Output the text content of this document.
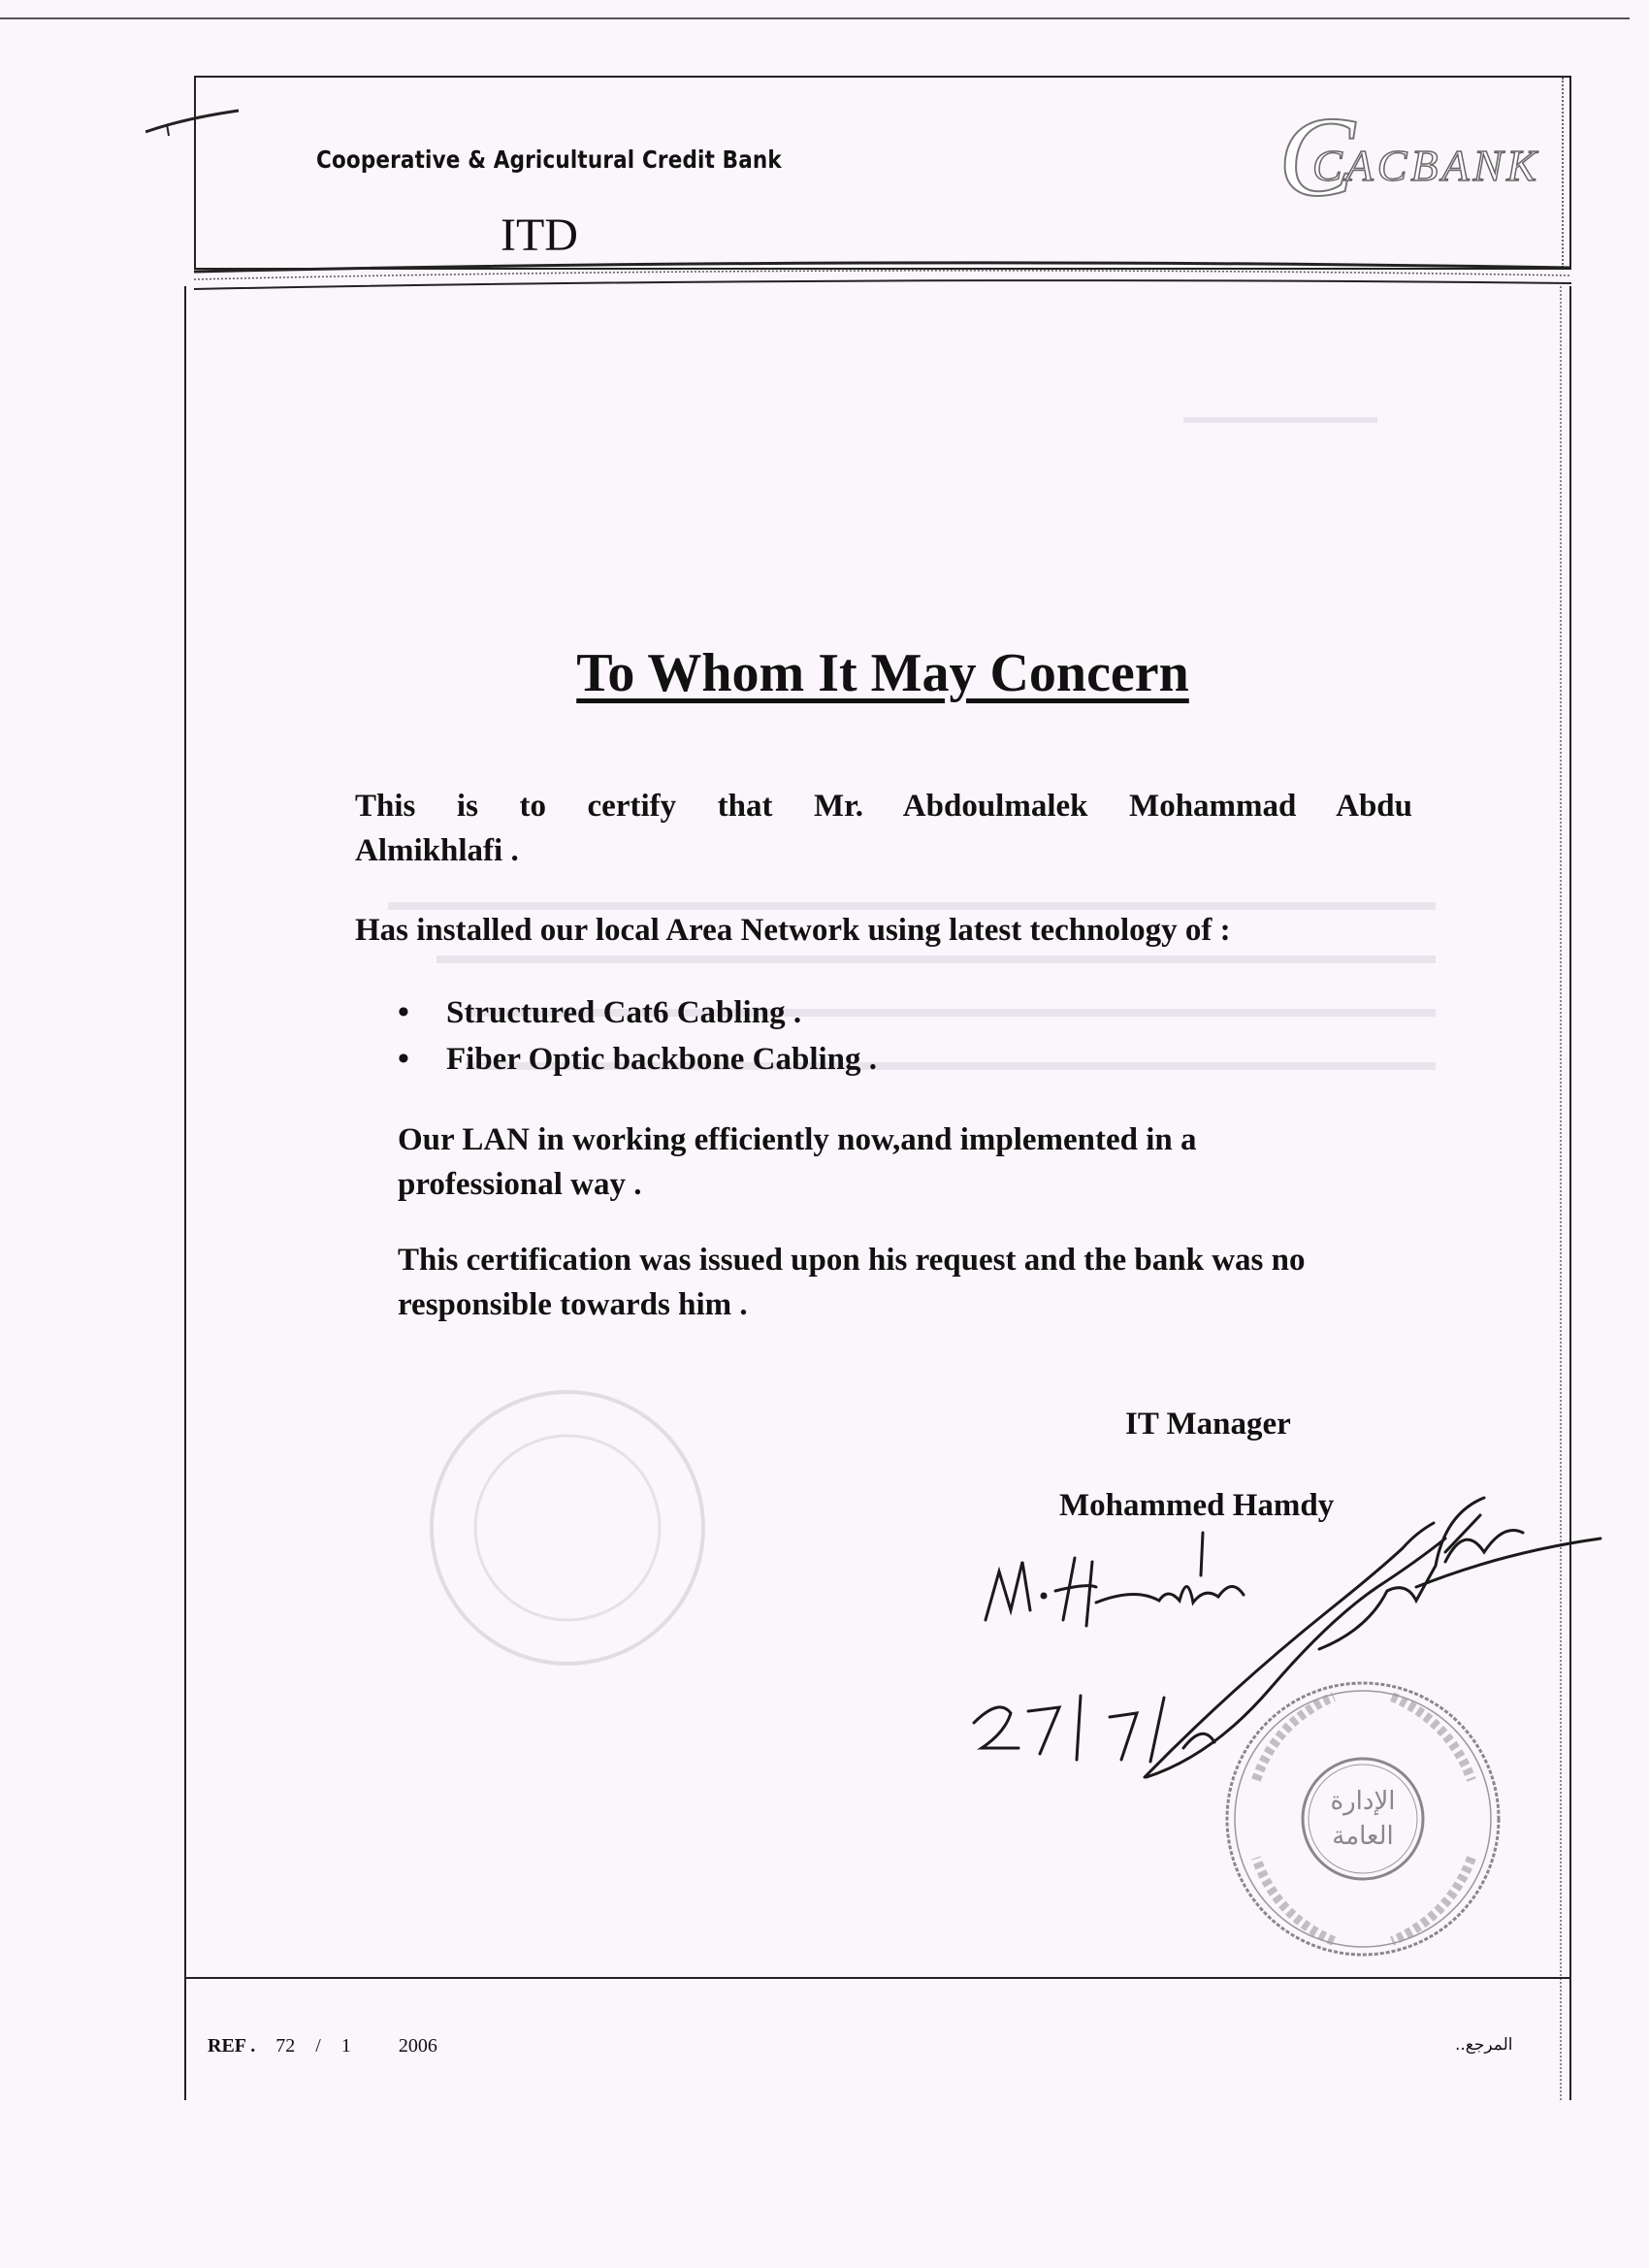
Cooperative & Agricultural Credit Bank
ITD
C
CACBANK
To Whom It May Concern
This is to certify that Mr. Abdoulmalek Mohammad Abdu
Almikhlafi .
Has installed our local Area Network using latest technology of :
• Structured Cat6 Cabling .
• Fiber Optic backbone Cabling .
Our LAN in working efficiently now,and implemented in a professional way .
This certification was issued upon his request and the bank was no responsible towards him .
IT Manager
Mohammed Hamdy
الإدارة
العامة
REF . 72 / 1 2006	المرجع..
